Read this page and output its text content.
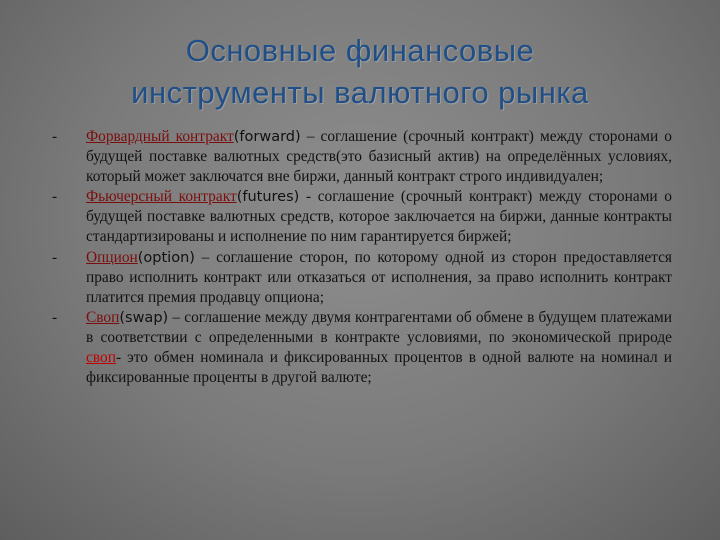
Основные финансовые
инструменты валютного рынка
- Форвардный контракт(forward) – соглашение (срочный контракт) между сторонами о будущей поставке валютных средств(это базисный актив) на определённых условиях, который может заключатся вне биржи, данный контракт строго индивидуален;
- Фьючерсный контракт(futures) - соглашение (срочный контракт) между сторонами о будущей поставке валютных средств, которое заключается на биржи, данные контракты стандартизированы и исполнение по ним гарантируется биржей;
- Опцион(option) – соглашение сторон, по которому одной из сторон предоставляется право исполнить контракт или отказаться от исполнения, за право исполнить контракт платится премия продавцу опциона;
- Своп(swap) – соглашение между двумя контрагентами об обмене в будущем платежами в соответствии с определенными в контракте условиями, по экономической природе своп- это обмен номинала и фиксированных процентов в одной валюте на номинал и фиксированные проценты в другой валюте;
